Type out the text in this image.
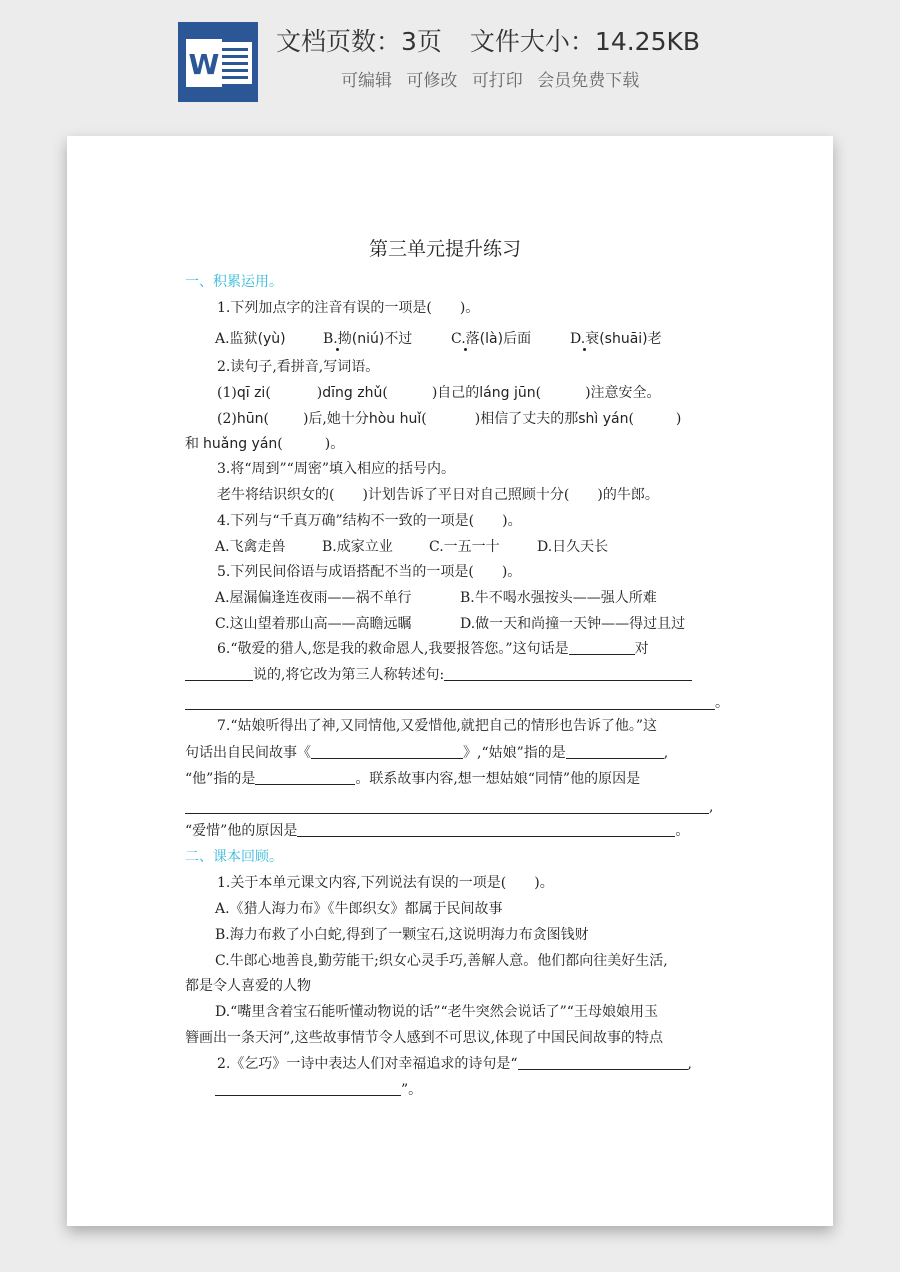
W
文档页数：3页 文件大小：14.25KB
可编辑 可修改 可打印 会员免费下载
第三单元提升练习
一、积累运用。
1.下列加点字的注音有误的一项是(　　)。
A.监狱(yù)	B.拗(niú)不过	C.落(là)后面	D.衰(shuāi)老
2.读句子,看拼音,写词语。
(1)qī zi(	)dīng zhǔ(	)自己的láng jūn(	)注意安全。
(2)hūn( )后,她十分hòu huǐ(	)相信了丈夫的那shì yán(	)
和 huǎng yán(	)。
3.将“周到”“周密”填入相应的括号内。
老牛将结识织女的(　　)计划告诉了平日对自己照顾十分(　　)的牛郎。
4.下列与“千真万确”结构不一致的一项是(　　)。
A.飞禽走兽	B.成家立业	C.一五一十	D.日久天长
5.下列民间俗语与成语搭配不当的一项是(　　)。
A.屋漏偏逢连夜雨——祸不单行	B.牛不喝水强按头——强人所难
C.这山望着那山高——高瞻远瞩	D.做一天和尚撞一天钟——得过且过
6.“敬爱的猎人,您是我的救命恩人,我要报答您。”这句话是	对
说的,将它改为第三人称转述句:
。
7.“姑娘听得出了神,又同情他,又爱惜他,就把自己的情形也告诉了他。”这
句话出自民间故事《	》,“姑娘”指的是	,
“他”指的是	。联系故事内容,想一想姑娘“同情”他的原因是
,
“爱惜”他的原因是	。
二、课本回顾。
1.关于本单元课文内容,下列说法有误的一项是(　　)。
A.《猎人海力布》《牛郎织女》都属于民间故事
B.海力布救了小白蛇,得到了一颗宝石,这说明海力布贪图钱财
C.牛郎心地善良,勤劳能干;织女心灵手巧,善解人意。他们都向往美好生活,
都是令人喜爱的人物
D.“嘴里含着宝石能听懂动物说的话”“老牛突然会说话了”“王母娘娘用玉
簪画出一条天河”,这些故事情节令人感到不可思议,体现了中国民间故事的特点
2.《乞巧》一诗中表达人们对幸福追求的诗句是“	,
”。
